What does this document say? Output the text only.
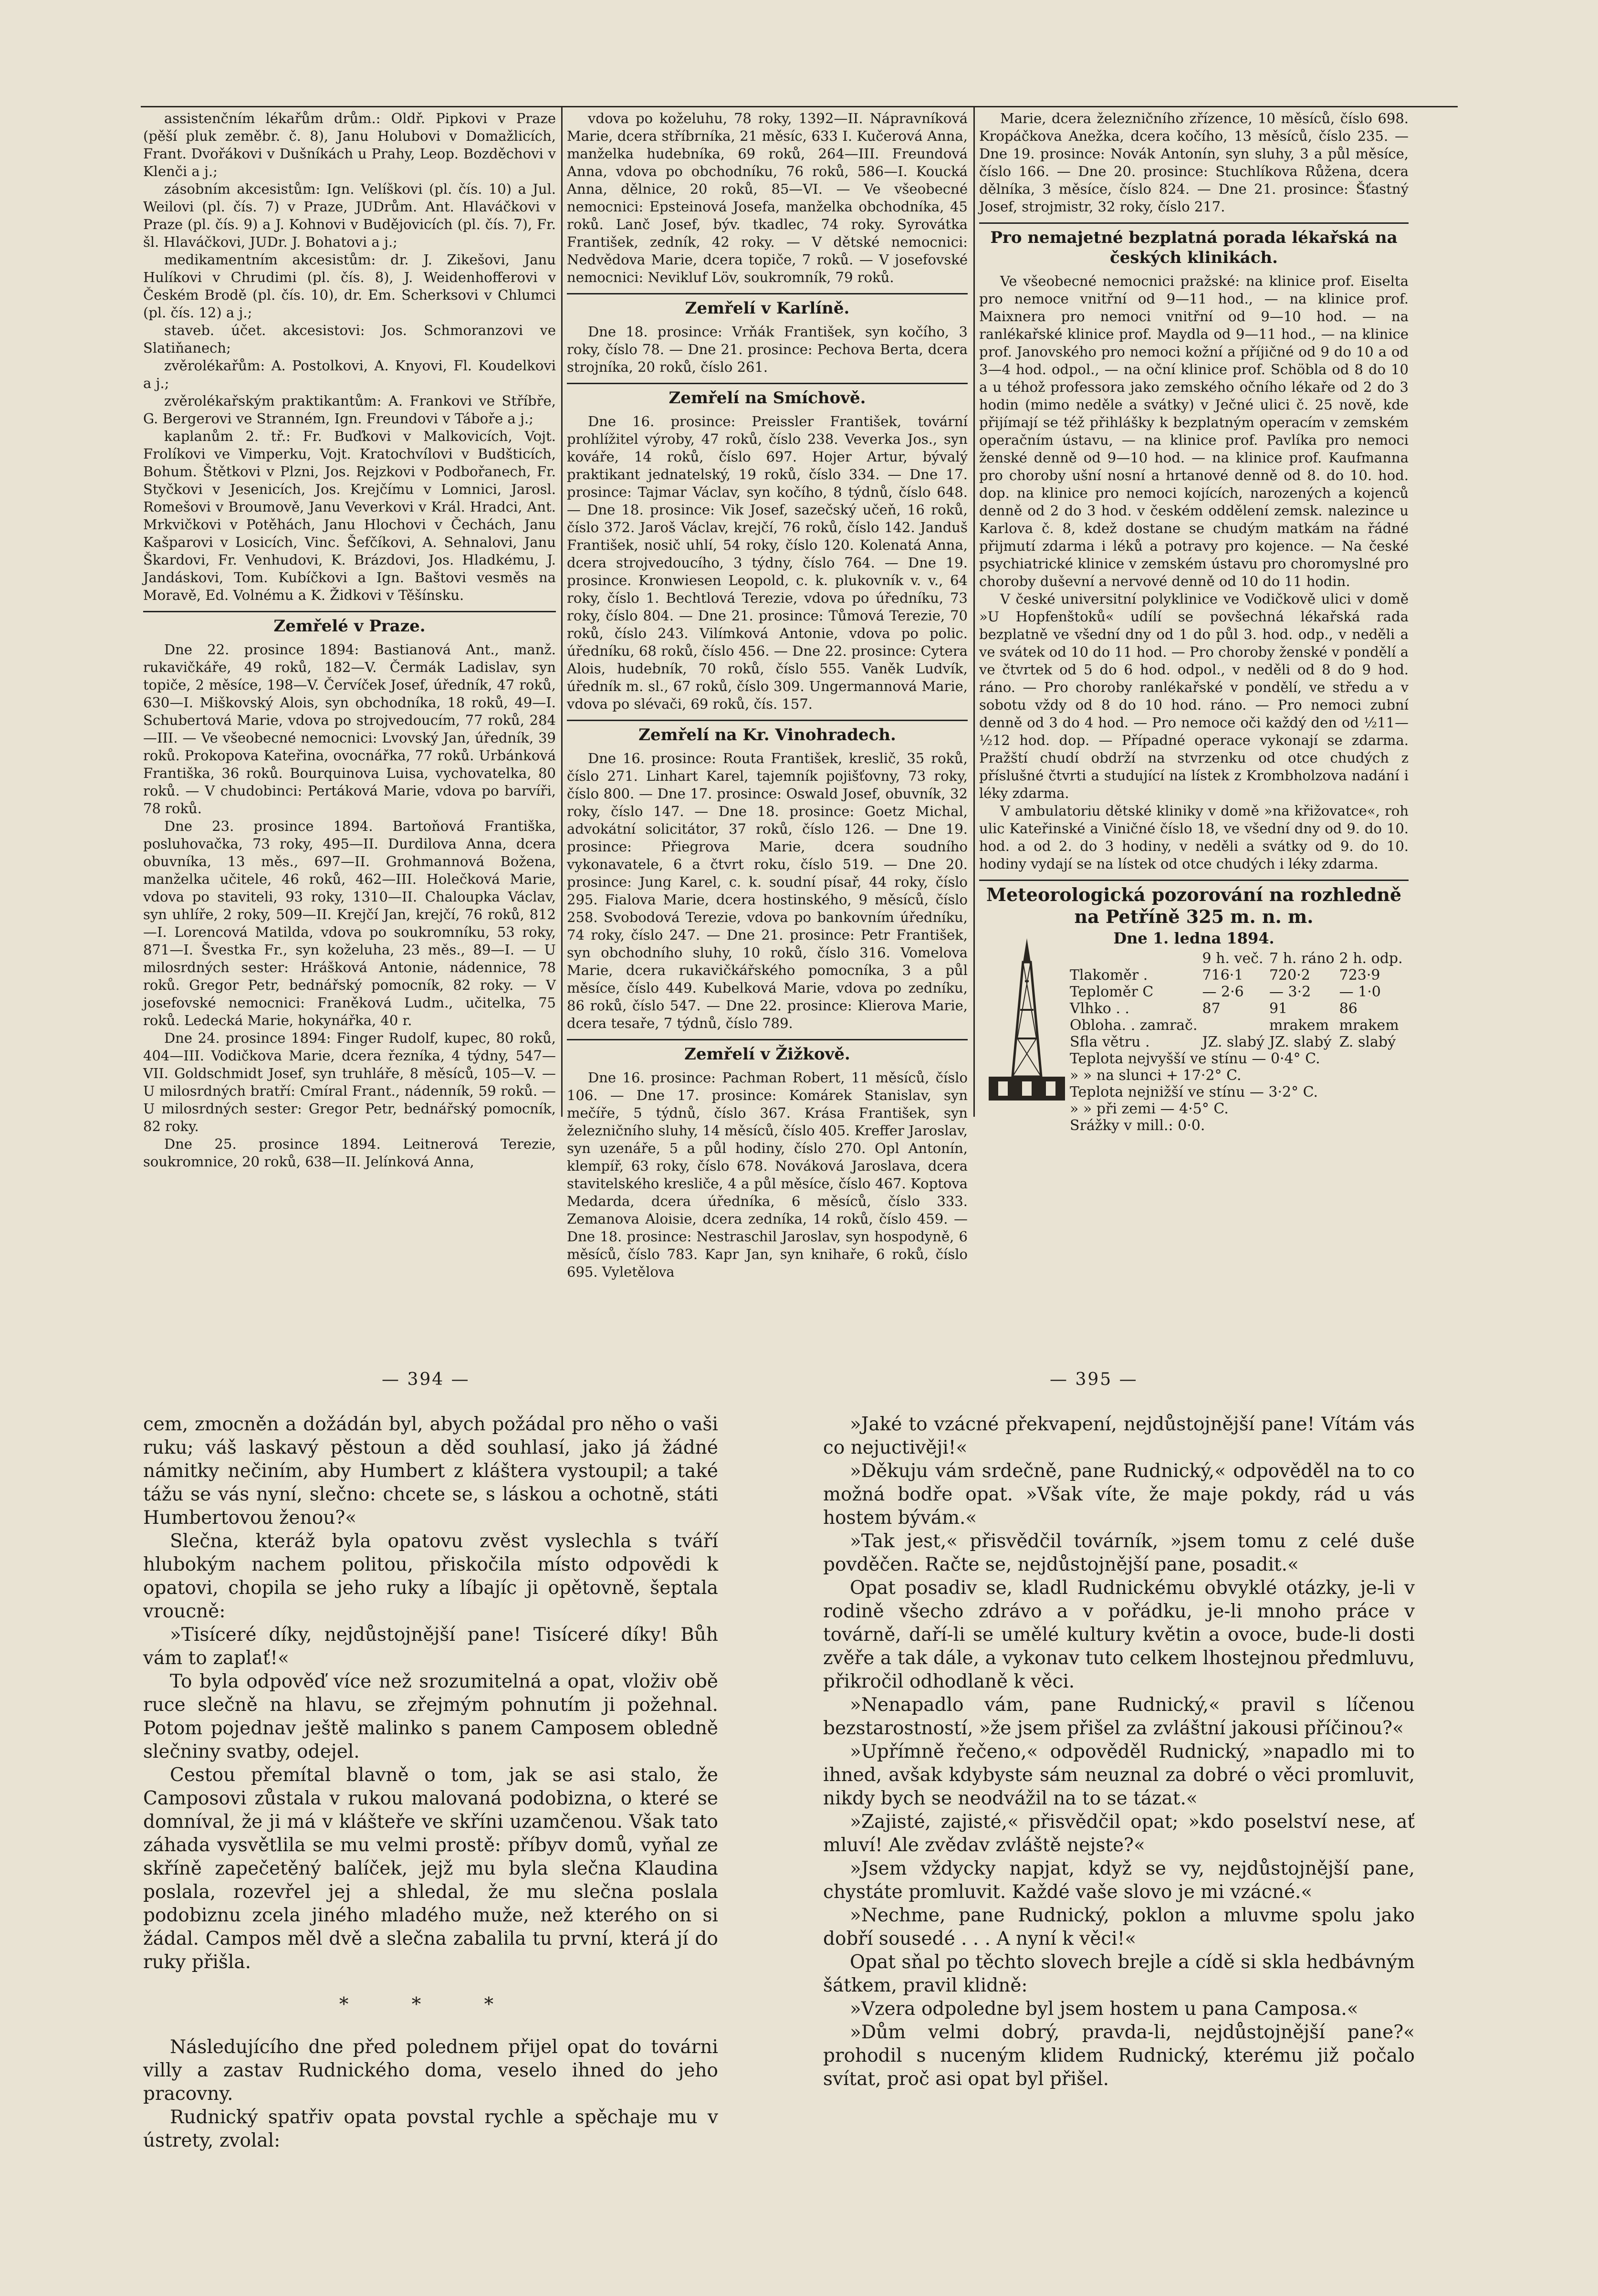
assistenčním lékařům drům.: Oldř. Pipkovi v Praze (pěší pluk zeměbr. č. 8), Janu Holubovi v Domažlicích, Frant. Dvořákovi v Dušníkách u Prahy, Leop. Bozděchovi v Klenči a j.;

zásobním akcesistům: Ign. Velíškovi (pl. čís. 10) a Jul. Weilovi (pl. čís. 7) v Praze, JUDrům. Ant. Hlaváčkovi v Praze (pl. čís. 9) a J. Kohnovi v Budějovicích (pl. čís. 7), Fr. šl. Hlaváčkovi, JUDr. J. Bohatovi a j.;

medikamentním akcesistům: dr. J. Zikešovi, Janu Hulíkovi v Chrudimi (pl. čís. 8), J. Weidenhofferovi v Českém Brodě (pl. čís. 10), dr. Em. Scherksovi v Chlumci (pl. čís. 12) a j.;

staveb. účet. akcesistovi: Jos. Schmoranzovi ve Slatiňanech;

zvěrolékařům: A. Postolkovi, A. Knyovi, Fl. Koudelkovi a j.;

zvěrolékařským praktikantům: A. Frankovi ve Stříbře, G. Bergerovi ve Stranném, Ign. Freundovi v Táboře a j.;

kaplanům 2. tř.: Fr. Buďkovi v Malkovicích, Vojt. Frolíkovi ve Vimperku, Vojt. Kratochvílovi v Budšticích, Bohum. Štětkovi v Plzni, Jos. Rejzkovi v Podbořanech, Fr. Styčkovi v Jesenicích, Jos. Krejčímu v Lomnici, Jarosl. Romešovi v Broumově, Janu Veverkovi v Král. Hradci, Ant. Mrkvičkovi v Potěhách, Janu Hlochovi v Čechách, Janu Kašparovi v Losicích, Vinc. Šefčíkovi, A. Sehnalovi, Janu Škardovi, Fr. Venhudovi, K. Brázdovi, Jos. Hladkému, J. Jandáskovi, Tom. Kubíčkovi a Ign. Baštovi vesměs na Moravě, Ed. Volnému a K. Židkovi v Těšínsku.

Zemřelé v Praze.

Dne 22. prosince 1894: Bastianová Ant., manž. rukavičkáře, 49 roků, 182—V. Čermák Ladislav, syn topiče, 2 měsíce, 198—V. Červíček Josef, úředník, 47 roků, 630—I. Miškovský Alois, syn obchodníka, 18 roků, 49—I. Schubertová Marie, vdova po strojvedoucím, 77 roků, 284—III. — Ve všeobecné nemocnici: Lvovský Jan, úředník, 39 roků. Prokopova Kateřina, ovocnářka, 77 roků. Urbánková Františka, 36 roků. Bourquinova Luisa, vychovatelka, 80 roků. — V chudobinci: Pertáková Marie, vdova po barvíři, 78 roků.

Dne 23. prosince 1894. Bartoňová Františka, posluhovačka, 73 roky, 495—II. Durdilova Anna, dcera obuvníka, 13 měs., 697—II. Grohmannová Božena, manželka učitele, 46 roků, 462—III. Holečková Marie, vdova po staviteli, 93 roky, 1310—II. Chaloupka Václav, syn uhlíře, 2 roky, 509—II. Krejčí Jan, krejčí, 76 roků, 812—I. Lorencová Matilda, vdova po soukromníku, 53 roky, 871—I. Švestka Fr., syn koželuha, 23 měs., 89—I. — U milosrdných sester: Hrášková Antonie, nádennice, 78 roků. Gregor Petr, bednářský pomocník, 82 roky. — V josefovské nemocnici: Franěková Ludm., učitelka, 75 roků. Ledecká Marie, hokynářka, 40 r.

Dne 24. prosince 1894: Finger Rudolf, kupec, 80 roků, 404—III. Vodičkova Marie, dcera řezníka, 4 týdny, 547—VII. Goldschmidt Josef, syn truhláře, 8 měsíců, 105—V. — U milosrdných bratří: Cmíral Frant., nádenník, 59 roků. — U milosrdných sester: Gregor Petr, bednářský pomocník, 82 roky.

Dne 25. prosince 1894. Leitnerová Terezie, soukromnice, 20 roků, 638—II. Jelínková Anna,

vdova po koželuhu, 78 roky, 1392—II. Nápravníková Marie, dcera stříbrníka, 21 měsíc, 633 I. Kučerová Anna, manželka hudebníka, 69 roků, 264—III. Freundová Anna, vdova po obchodníku, 76 roků, 586—I. Koucká Anna, dělnice, 20 roků, 85—VI. — Ve všeobecné nemocnici: Epsteinová Josefa, manželka obchodníka, 45 roků. Lanč Josef, býv. tkadlec, 74 roky. Syrovátka František, zedník, 42 roky. — V dětské nemocnici: Nedvědova Marie, dcera topiče, 7 roků. — V josefovské nemocnici: Nevikluf Löv, soukromník, 79 roků.

Zemřelí v Karlíně.

Dne 18. prosince: Vrňák František, syn kočího, 3 roky, číslo 78. — Dne 21. prosince: Pechova Berta, dcera strojníka, 20 roků, číslo 261.

Zemřelí na Smíchově.

Dne 16. prosince: Preissler František, tovární prohlížitel výroby, 47 roků, číslo 238. Veverka Jos., syn kováře, 14 roků, číslo 697. Hojer Artur, bývalý praktikant jednatelský, 19 roků, číslo 334. — Dne 17. prosince: Tajmar Václav, syn kočího, 8 týdnů, číslo 648. — Dne 18. prosince: Vik Josef, sazečský učeň, 16 roků, číslo 372. Jaroš Václav, krejčí, 76 roků, číslo 142. Janduš František, nosič uhlí, 54 roky, číslo 120. Kolenatá Anna, dcera strojvedoucího, 3 týdny, číslo 764. — Dne 19. prosince. Kronwiesen Leopold, c. k. plukovník v. v., 64 roky, číslo 1. Bechtlová Terezie, vdova po úředníku, 73 roky, číslo 804. — Dne 21. prosince: Tůmová Terezie, 70 roků, číslo 243. Vilímková Antonie, vdova po polic. úředníku, 68 roků, číslo 456. — Dne 22. prosince: Cytera Alois, hudebník, 70 roků, číslo 555. Vaněk Ludvík, úředník m. sl., 67 roků, číslo 309. Ungermannová Marie, vdova po slévači, 69 roků, čís. 157.

Zemřelí na Kr. Vinohradech.

Dne 16. prosince: Routa František, kreslič, 35 roků, číslo 271. Linhart Karel, tajemník pojišťovny, 73 roky, číslo 800. — Dne 17. prosince: Oswald Josef, obuvník, 32 roky, číslo 147. — Dne 18. prosince: Goetz Michal, advokátní solicitátor, 37 roků, číslo 126. — Dne 19. prosince: Přiegrova Marie, dcera soudního vykonavatele, 6 a čtvrt roku, číslo 519. — Dne 20. prosince: Jung Karel, c. k. soudní písař, 44 roky, číslo 295. Fialova Marie, dcera hostinského, 9 měsíců, číslo 258. Svobodová Terezie, vdova po bankovním úředníku, 74 roky, číslo 247. — Dne 21. prosince: Petr František, syn obchodního sluhy, 10 roků, číslo 316. Vomelova Marie, dcera rukavičkářského pomocníka, 3 a půl měsíce, číslo 449. Kubelková Marie, vdova po zedníku, 86 roků, číslo 547. — Dne 22. prosince: Klierova Marie, dcera tesaře, 7 týdnů, číslo 789.

Zemřelí v Žižkově.

Dne 16. prosince: Pachman Robert, 11 měsíců, číslo 106. — Dne 17. prosince: Komárek Stanislav, syn mečíře, 5 týdnů, číslo 367. Krása František, syn železničního sluhy, 14 měsíců, číslo 405. Kreffer Jaroslav, syn uzenáře, 5 a půl hodiny, číslo 270. Opl Antonín, klempíř, 63 roky, číslo 678. Nováková Jaroslava, dcera stavitelského kresliče, 4 a půl měsíce, číslo 467. Koptova Medarda, dcera úředníka, 6 měsíců, číslo 333. Zemanova Aloisie, dcera zedníka, 14 roků, číslo 459. — Dne 18. prosince: Nestraschil Jaroslav, syn hospodyně, 6 měsíců, číslo 783. Kapr Jan, syn knihaře, 6 roků, číslo 695. Vyletělova

Marie, dcera železničního zřízence, 10 měsíců, číslo 698. Kropáčkova Anežka, dcera kočího, 13 měsíců, číslo 235. — Dne 19. prosince: Novák Antonín, syn sluhy, 3 a půl měsíce, číslo 166. — Dne 20. prosince: Stuchlíkova Růžena, dcera dělníka, 3 měsíce, číslo 824. — Dne 21. prosince: Šťastný Josef, strojmistr, 32 roky, číslo 217.

Pro nemajetné bezplatná porada lékařská na českých klinikách.

Ve všeobecné nemocnici pražské: na klinice prof. Eiselta pro nemoce vnitřní od 9—11 hod., — na klinice prof. Maixnera pro nemoci vnitřní od 9—10 hod. — na ranlékařské klinice prof. Maydla od 9—11 hod., — na klinice prof. Janovského pro nemoci kožní a příjičné od 9 do 10 a od 3—4 hod. odpol., — na oční klinice prof. Schöbla od 8 do 10 a u téhož professora jako zemského očního lékaře od 2 do 3 hodin (mimo neděle a svátky) v Ječné ulici č. 25 nově, kde přijímají se též přihlášky k bezplatným operacím v zemském operačním ústavu, — na klinice prof. Pavlíka pro nemoci ženské denně od 9—10 hod. — na klinice prof. Kaufmanna pro choroby ušní nosní a hrtanové denně od 8. do 10. hod. dop. na klinice pro nemoci kojících, narozených a kojenců denně od 2 do 3 hod. v českém oddělení zemsk. nalezince u Karlova č. 8, kdež dostane se chudým matkám na řádné přijmutí zdarma i léků a potravy pro kojence. — Na české psychiatrické klinice v zemském ústavu pro choromyslné pro choroby duševní a nervové denně od 10 do 11 hodin.

V české universitní polyklinice ve Vodičkově ulici v domě »U Hopfenštoků« udílí se povšechná lékařská rada bezplatně ve všední dny od 1 do půl 3. hod. odp., v neděli a ve svátek od 10 do 11 hod. — Pro choroby ženské v pondělí a ve čtvrtek od 5 do 6 hod. odpol., v neděli od 8 do 9 hod. ráno. — Pro choroby ranlékařské v pondělí, ve středu a v sobotu vždy od 8 do 10 hod. ráno. — Pro nemoci zubní denně od 3 do 4 hod. — Pro nemoce oči každý den od ½11—½12 hod. dop. — Případné operace vykonají se zdarma. Pražští chudí obdrží na stvrzenku od otce chudých z příslušné čtvrti a studující na lístek z Krombholzova nadání i léky zdarma.

V ambulatoriu dětské kliniky v domě »na křižovatce«, roh ulic Kateřinské a Viničné číslo 18, ve všední dny od 9. do 10. hod. a od 2. do 3 hodiny, v neděli a svátky od 9. do 10. hodiny vydají se na lístek od otce chudých i léky zdarma.

Meteorologická pozorování na rozhledně na Petříně 325 m. n. m.
Dne 1. ledna 1894.
	9 h. več.	7 h. ráno	2 h. odp.
Tlakoměr .	716·1	720·2	723·9
Teploměr C	— 2·6	— 3·2	— 1·0
Vlhko . .	87	91	86
Obloha. . zamrač.		mrakem	mrakem
Sfla větru .	JZ. slabý	JZ. slabý	Z. slabý
Teplota nejvyšší ve stínu — 0·4° C.
» » na slunci + 17·2° C.
Teplota nejnižší ve stínu — 3·2° C.
» » při zemi — 4·5° C.
Srážky v mill.: 0·0.
— 394 —	— 395 —

cem, zmocněn a dožádán byl, abych požádal pro něho o vaši ruku; váš laskavý pěstoun a děd souhlasí, jako já žádné námitky nečiním, aby Humbert z kláštera vystoupil; a také tážu se vás nyní, slečno: chcete se, s láskou a ochotně, státi Humbertovou ženou?«

Slečna, kteráž byla opatovu zvěst vyslechla s tváří hlubokým nachem politou, přiskočila místo odpovědi k opatovi, chopila se jeho ruky a líbajíc ji opětovně, šeptala vroucně:

»Tisíceré díky, nejdůstojnější pane! Tisíceré díky! Bůh vám to zaplať!«

To byla odpověď více než srozumitelná a opat, vloživ obě ruce slečně na hlavu, se zřejmým pohnutím ji požehnal. Potom pojednav ještě malinko s panem Camposem obledně slečniny svatby, odejel.

Cestou přemítal blavně o tom, jak se asi stalo, že Camposovi zůstala v rukou malovaná podobizna, o které se domníval, že ji má v klášteře ve skříni uzamčenou. Však tato záhada vysvětlila se mu velmi prostě: příbyv domů, vyňal ze skříně zapečetěný balíček, jejž mu byla slečna Klaudina poslala, rozevřel jej a shledal, že mu slečna poslala podobiznu zcela jiného mladého muže, než kterého on si žádal. Campos měl dvě a slečna zabalila tu první, která jí do ruky přišla.

* * *

Následujícího dne před polednem přijel opat do továrni villy a zastav Rudnického doma, veselo ihned do jeho pracovny.

Rudnický spatřiv opata povstal rychle a spěchaje mu v ústrety, zvolal:

»Jaké to vzácné překvapení, nejdůstojnější pane! Vítám vás co nejuctivěji!«

»Děkuju vám srdečně, pane Rudnický,« odpověděl na to co možná bodře opat. »Však víte, že maje pokdy, rád u vás hostem bývám.«

»Tak jest,« přisvědčil továrník, »jsem tomu z celé duše povděčen. Račte se, nejdůstojnější pane, posadit.«

Opat posadiv se, kladl Rudnickému obvyklé otázky, je-li v rodině všecho zdrávo a v pořádku, je-li mnoho práce v továrně, daří-li se umělé kultury květin a ovoce, bude-li dosti zvěře a tak dále, a vykonav tuto celkem lhostejnou předmluvu, přikročil odhodlaně k věci.

»Nenapadlo vám, pane Rudnický,« pravil s líčenou bezstarostností, »že jsem přišel za zvláštní jakousi příčinou?«

»Upřímně řečeno,« odpověděl Rudnický, »napadlo mi to ihned, avšak kdybyste sám neuznal za dobré o věci promluvit, nikdy bych se neodvážil na to se tázat.«

»Zajisté, zajisté,« přisvědčil opat; »kdo poselství nese, ať mluví! Ale zvědav zvláště nejste?«

»Jsem vždycky napjat, když se vy, nejdůstojnější pane, chystáte promluvit. Každé vaše slovo je mi vzácné.«

»Nechme, pane Rudnický, poklon a mluvme spolu jako dobří sousedé . . . A nyní k věci!«

Opat sňal po těchto slovech brejle a cídě si skla hedbávným šátkem, pravil klidně:

»Vzera odpoledne byl jsem hostem u pana Camposa.«

»Dům velmi dobrý, pravda-li, nejdůstojnější pane?« prohodil s nuceným klidem Rudnický, kterému již počalo svítat, proč asi opat byl přišel.
